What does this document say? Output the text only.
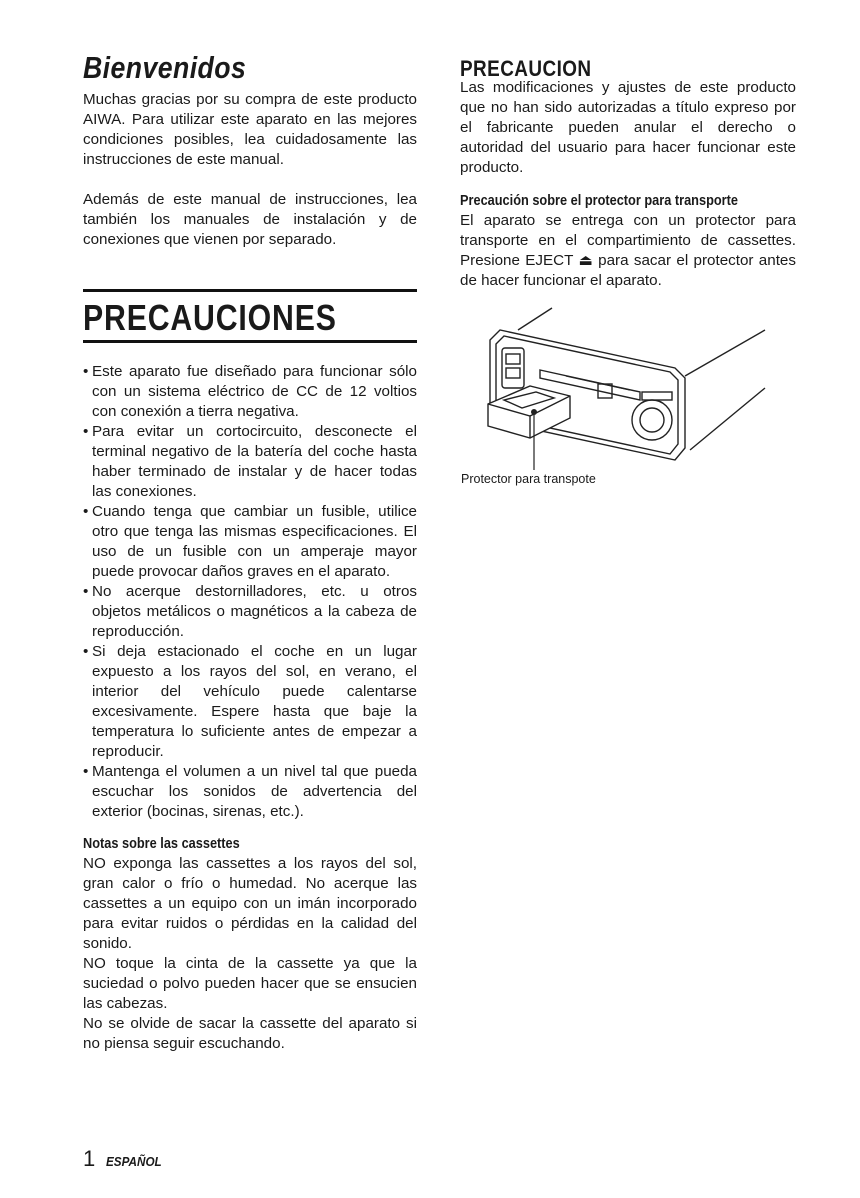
Bienvenidos

Muchas gracias por su compra de este producto AIWA. Para utilizar este aparato en las mejores condiciones posibles, lea cuidadosamente las instrucciones de este manual.

Además de este manual de instrucciones, lea también los manuales de instalación y de conexiones que vienen por separado.

PRECAUCIONES
• Este aparato fue diseñado para funcionar sólo con un sistema eléctrico de CC de 12 voltios con conexión a tierra negativa.
• Para evitar un cortocircuito, desconecte el terminal negativo de la batería del coche hasta haber terminado de instalar y de hacer todas las conexiones.
• Cuando tenga que cambiar un fusible, utilice otro que tenga las mismas especificaciones. El uso de un fusible con un amperaje mayor puede provocar daños graves en el aparato.
• No acerque destornilladores, etc. u otros objetos metálicos o magnéticos a la cabeza de reproducción.
• Si deja estacionado el coche en un lugar expuesto a los rayos del sol, en verano, el interior del vehículo puede calentarse excesivamente. Espere hasta que baje la temperatura lo suficiente antes de empezar a reproducir.
• Mantenga el volumen a un nivel tal que pueda escuchar los sonidos de advertencia del exterior (bocinas, sirenas, etc.).
Notas sobre las cassettes

NO exponga las cassettes a los rayos del sol, gran calor o frío o humedad. No acerque las cassettes a un equipo con un imán incorporado para evitar ruidos o pérdidas en la calidad del sonido.

NO toque la cinta de la cassette ya que la suciedad o polvo pueden hacer que se ensucien las cabezas.

No se olvide de sacar la cassette del aparato si no piensa seguir escuchando.

PRECAUCION

Las modificaciones y ajustes de este producto que no han sido autorizadas a título expreso por el fabricante pueden anular el derecho o autoridad del usuario para hacer funcionar este producto.

Precaución sobre el protector para transporte

El aparato se entrega con un protector para transporte en el compartimiento de cassettes. Presione EJECT ⏏ para sacar el protector antes de hacer funcionar el aparato.

Protector para transpote

1 ESPAÑOL
